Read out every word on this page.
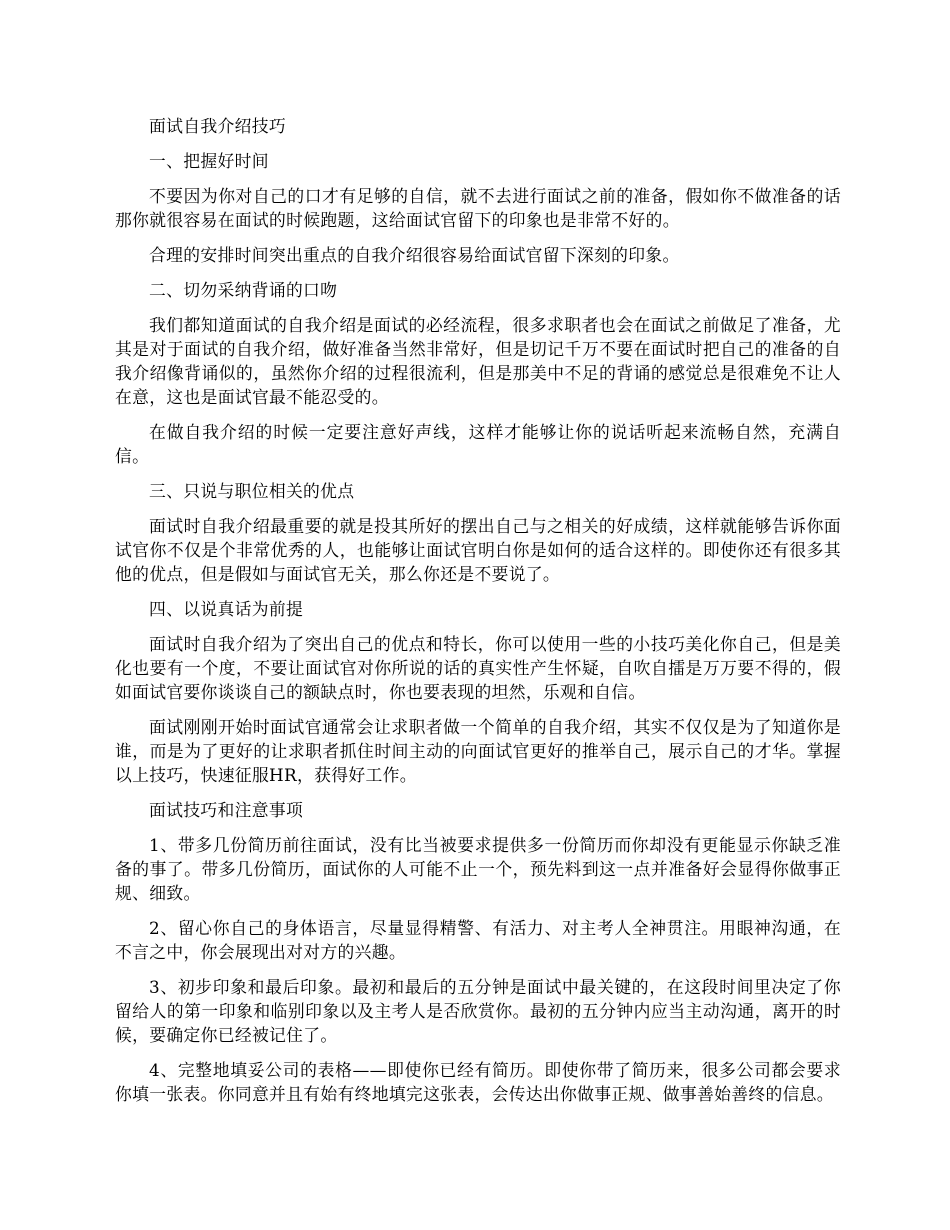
面试自我介绍技巧

一、把握好时间

不要因为你对自己的口才有足够的自信，就不去进行面试之前的准备，假如你不做准备的话那你就很容易在面试的时候跑题，这给面试官留下的印象也是非常不好的。

合理的安排时间突出重点的自我介绍很容易给面试官留下深刻的印象。

二、切勿采纳背诵的口吻

我们都知道面试的自我介绍是面试的必经流程，很多求职者也会在面试之前做足了准备，尤其是对于面试的自我介绍，做好准备当然非常好，但是切记千万不要在面试时把自己的准备的自我介绍像背诵似的，虽然你介绍的过程很流利，但是那美中不足的背诵的感觉总是很难免不让人在意，这也是面试官最不能忍受的。

在做自我介绍的时候一定要注意好声线，这样才能够让你的说话听起来流畅自然，充满自信。

三、只说与职位相关的优点

面试时自我介绍最重要的就是投其所好的摆出自己与之相关的好成绩，这样就能够告诉你面试官你不仅是个非常优秀的人，也能够让面试官明白你是如何的适合这样的。即使你还有很多其他的优点，但是假如与面试官无关，那么你还是不要说了。

四、以说真话为前提

面试时自我介绍为了突出自己的优点和特长，你可以使用一些的小技巧美化你自己，但是美化也要有一个度，不要让面试官对你所说的话的真实性产生怀疑，自吹自擂是万万要不得的，假如面试官要你谈谈自己的额缺点时，你也要表现的坦然，乐观和自信。

面试刚刚开始时面试官通常会让求职者做一个简单的自我介绍，其实不仅仅是为了知道你是谁，而是为了更好的让求职者抓住时间主动的向面试官更好的推举自己，展示自己的才华。掌握以上技巧，快速征服HR，获得好工作。

面试技巧和注意事项

1、带多几份简历前往面试，没有比当被要求提供多一份简历而你却没有更能显示你缺乏准备的事了。带多几份简历，面试你的人可能不止一个，预先料到这一点并准备好会显得你做事正规、细致。

2、留心你自己的身体语言，尽量显得精警、有活力、对主考人全神贯注。用眼神沟通，在不言之中，你会展现出对对方的兴趣。

3、初步印象和最后印象。最初和最后的五分钟是面试中最关键的，在这段时间里决定了你留给人的第一印象和临别印象以及主考人是否欣赏你。最初的五分钟内应当主动沟通，离开的时候，要确定你已经被记住了。

4、完整地填妥公司的表格——即使你已经有简历。即使你带了简历来，很多公司都会要求你填一张表。你同意并且有始有终地填完这张表，会传达出你做事正规、做事善始善终的信息。
